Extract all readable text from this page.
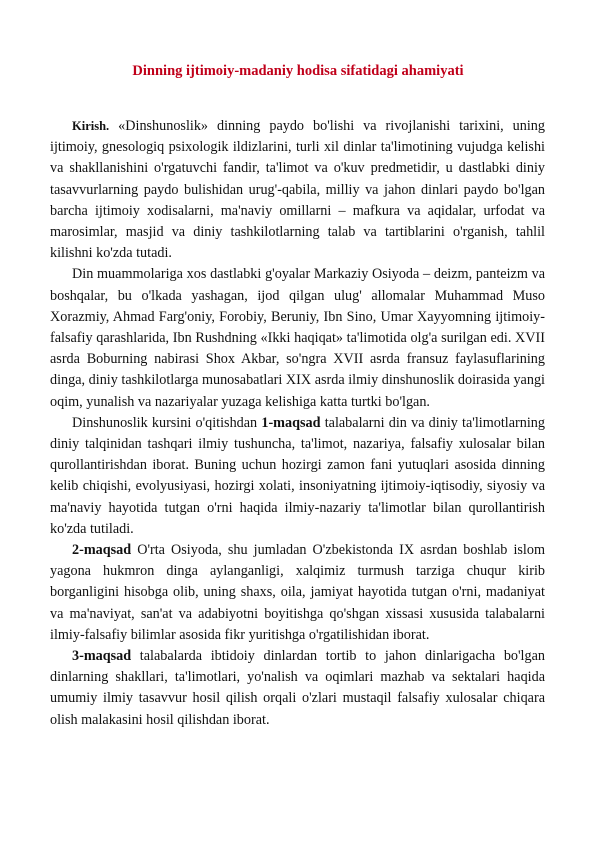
Dinning ijtimoiy-madaniy hodisa sifatidagi ahamiyati

Kirish. «Dinshunoslik» dinning paydo bo'lishi va rivojlanishi tarixini, uning ijtimoiy, gnesologiq psixologik ildizlarini, turli xil dinlar ta'limotining vujudga kelishi va shakllanishini o'rgatuvchi fandir, ta'limot va o'kuv predmetidir, u dastlabki diniy tasavvurlarning paydo bulishidan urug'-qabila, milliy va jahon dinlari paydo bo'lgan barcha ijtimoiy xodisalarni, ma'naviy omillarni – mafkura va aqidalar, urfodat va marosimlar, masjid va diniy tashkilotlarning talab va tartiblarini o'rganish, tahlil kilishni ko'zda tutadi.

Din muammolariga xos dastlabki g'oyalar Markaziy Osiyoda – deizm, panteizm va boshqalar, bu o'lkada yashagan, ijod qilgan ulug' allomalar Muhammad Muso Xorazmiy, Ahmad Farg'oniy, Forobiy, Beruniy, Ibn Sino, Umar Xayyomning ijtimoiy-falsafiy qarashlarida, Ibn Rushdning «Ikki haqiqat» ta'limotida olg'a surilgan edi. XVII asrda Boburning nabirasi Shox Akbar, so'ngra XVII asrda fransuz faylasuflarining dinga, diniy tashkilotlarga munosabatlari XIX asrda ilmiy dinshunoslik doirasida yangi oqim, yunalish va nazariyalar yuzaga kelishiga katta turtki bo'lgan.

Dinshunoslik kursini o'qitishdan 1-maqsad talabalarni din va diniy ta'limotlarning diniy talqinidan tashqari ilmiy tushuncha, ta'limot, nazariya, falsafiy xulosalar bilan qurollantirishdan iborat. Buning uchun hozirgi zamon fani yutuqlari asosida dinning kelib chiqishi, evolyusiyasi, hozirgi xolati, insoniyatning ijtimoiy-iqtisodiy, siyosiy va ma'naviy hayotida tutgan o'rni haqida ilmiy-nazariy ta'limotlar bilan qurollantirish ko'zda tutiladi.

2-maqsad O'rta Osiyoda, shu jumladan O'zbekistonda IX asrdan boshlab islom yagona hukmron dinga aylanganligi, xalqimiz turmush tarziga chuqur kirib borganligini hisobga olib, uning shaxs, oila, jamiyat hayotida tutgan o'rni, madaniyat va ma'naviyat, san'at va adabiyotni boyitishga qo'shgan xissasi xususida talabalarni ilmiy-falsafiy bilimlar asosida fikr yuritishga o'rgatilishidan iborat.

3-maqsad talabalarda ibtidoiy dinlardan tortib to jahon dinlarigacha bo'lgan dinlarning shakllari, ta'limotlari, yo'nalish va oqimlari mazhab va sektalari haqida umumiy ilmiy tasavvur hosil qilish orqali o'zlari mustaqil falsafiy xulosalar chiqara olish malakasini hosil qilishdan iborat.
